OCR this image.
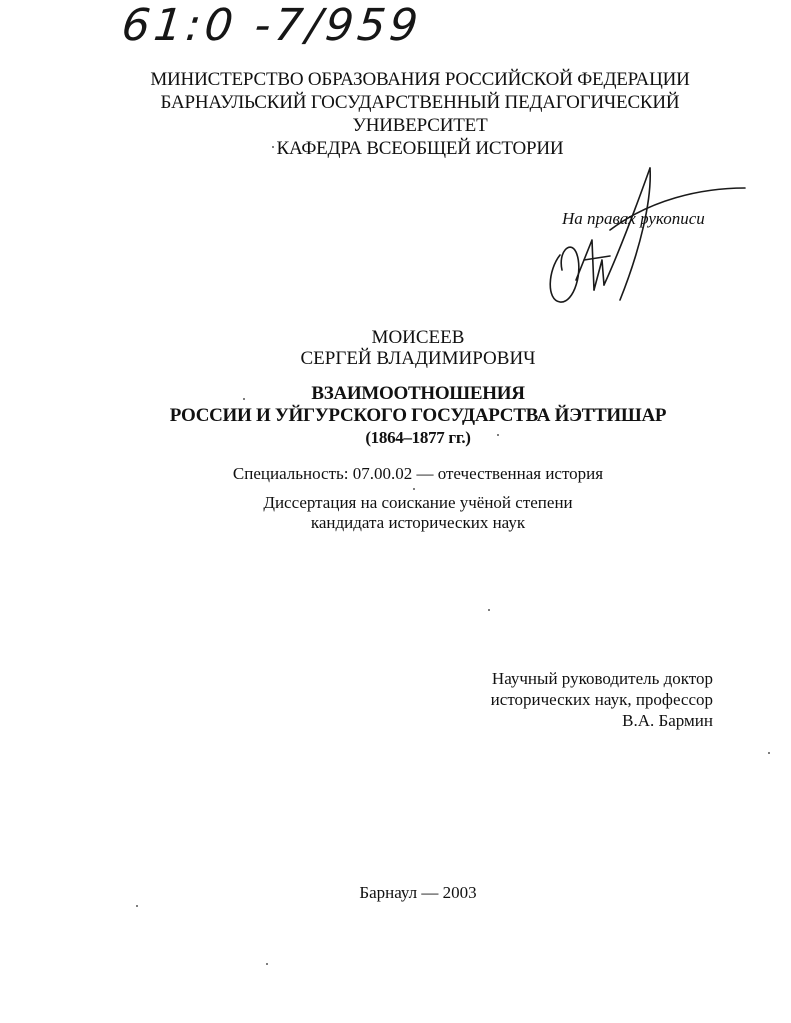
61:0 -7/959
МИНИСТЕРСТВО ОБРАЗОВАНИЯ РОССИЙСКОЙ ФЕДЕРАЦИИ
БАРНАУЛЬСКИЙ ГОСУДАРСТВЕННЫЙ ПЕДАГОГИЧЕСКИЙ
УНИВЕРСИТЕТ
КАФЕДРА ВСЕОБЩЕЙ ИСТОРИИ
На правах рукописи
МОИСЕЕВ
СЕРГЕЙ ВЛАДИМИРОВИЧ
ВЗАИМООТНОШЕНИЯ
РОССИИ И УЙГУРСКОГО ГОСУДАРСТВА ЙЭТТИШАР
(1864–1877 гг.)
Специальность: 07.00.02 — отечественная история
Диссертация на соискание учёной степени
кандидата исторических наук
Научный руководитель доктор
исторических наук, профессор
В.А. Бармин
Барнаул — 2003
